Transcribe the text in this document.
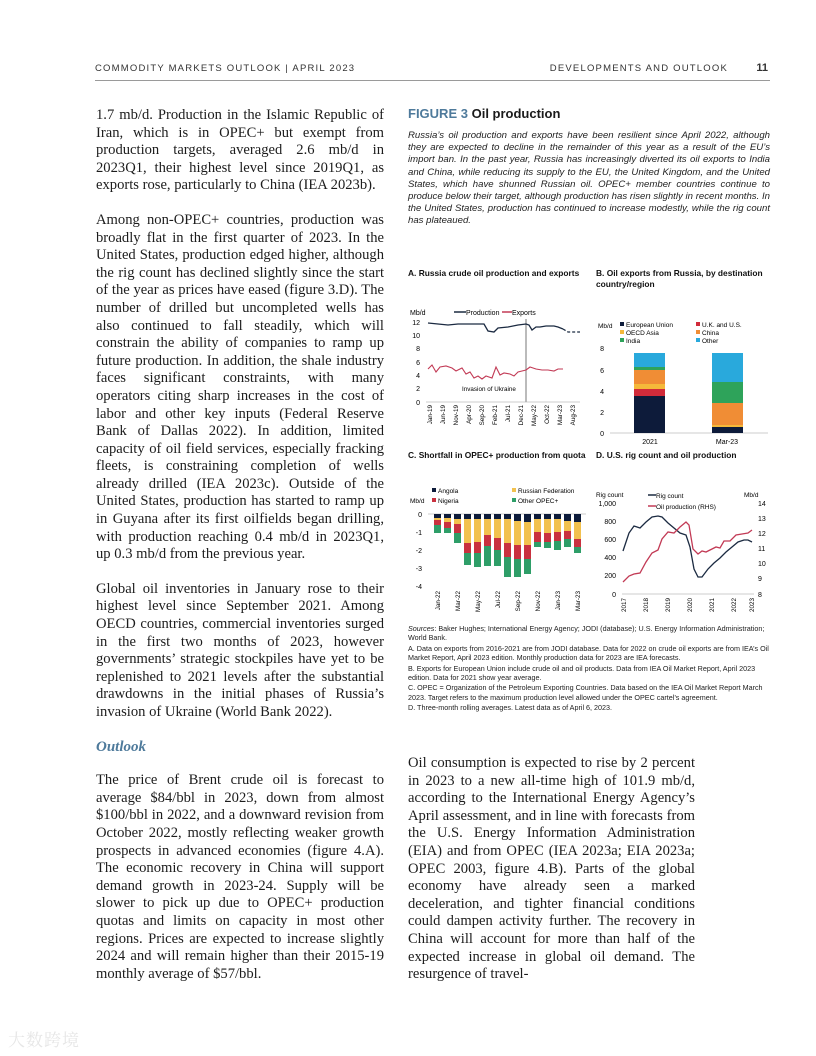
COMMODITY MARKETS OUTLOOK | APRIL 2023	DEVELOPMENTS AND OUTLOOK	11

1.7 mb/d. Production in the Islamic Republic of Iran, which is in OPEC+ but exempt from production targets, averaged 2.6 mb/d in 2023Q1, their highest level since 2019Q1, as exports rose, particularly to China (IEA 2023b).

Among non-OPEC+ countries, production was broadly flat in the first quarter of 2023. In the United States, production edged higher, although the rig count has declined slightly since the start of the year as prices have eased (figure 3.D). The number of drilled but uncompleted wells has also continued to fall steadily, which will constrain the ability of companies to ramp up future production. In addition, the shale industry faces significant constraints, with many operators citing sharp increases in the cost of labor and other key inputs (Federal Reserve Bank of Dallas 2022). In addition, limited capacity of oil field services, especially fracking fleets, is constraining completion of wells already drilled (IEA 2023c). Outside of the United States, production has started to ramp up in Guyana after its first oilfields began drilling, with production reaching 0.4 mb/d in 2023Q1, up 0.3 mb/d from the previous year.

Global oil inventories in January rose to their highest level since September 2021. Among OECD countries, commercial inventories surged in the first two months of 2023, however governments’ strategic stockpiles have yet to be replenished to 2021 levels after the substantial drawdowns in the initial phases of Russia’s invasion of Ukraine (World Bank 2022).

Outlook

The price of Brent crude oil is forecast to average $84/bbl in 2023, down from almost $100/bbl in 2022, and a downward revision from October 2022, mostly reflecting weaker growth prospects in advanced economies (figure 4.A). The economic recovery in China will support demand growth in 2023-24. Supply will be slower to pick up due to OPEC+ production quotas and limits on capacity in most other regions. Prices are expected to increase slightly 2024 and will remain higher than their 2015-19 monthly average of $57/bbl.

FIGURE 3 Oil production

Russia’s oil production and exports have been resilient since April 2022, although they are expected to decline in the remainder of this year as a result of the EU’s import ban. In the past year, Russia has increasingly diverted its oil exports to India and China, while reducing its supply to the EU, the United Kingdom, and the United States, which have shunned Russian oil. OPEC+ member countries continue to produce below their target, although production has risen slightly in recent months. In the United States, production has continued to increase modestly, while the rig count has plateaued.

A. Russia crude oil production and exports
Mb/d	Production Exports
12
10
8
6
4
2
0
Invasion of Ukraine
Jan-19 Jun-19 Nov-19 Apr-20 Sep-20 Feb-21 Jul-21 Dec-21 May-22 Oct-22 Mar-23 Aug-23
B. Oil exports from Russia, by destination country/region
Mb/d European Union	U.K. and U.S.
OECD Asia	China
India	Other
8
6
4
2
0
2021	Mar-23
C. Shortfall in OPEC+ production from quota
Mb/d
Angola	Russian Federation
Nigeria	Other OPEC+
0
-1
-2
-3
-4
Jan-22 Mar-22 May-22 Jul-22 Sep-22 Nov-22 Jan-23 Mar-23
D. U.S. rig count and oil production
Rig count	Mb/d
Rig count
Oil production (RHS)
1,000
800
600
400
200
0
14
13
12
11
10
9
8
2017 2018 2019 2020 2021 2022 2023

Sources: Baker Hughes; International Energy Agency; JODI (database); U.S. Energy Information Administration; World Bank.

A. Data on exports from 2016-2021 are from JODI database. Data for 2022 on crude oil exports are from IEA’s Oil Market Report, April 2023 edition. Monthly production data for 2023 are IEA forecasts.

B. Exports for European Union include crude oil and oil products. Data from IEA Oil Market Report, April 2023 edition. Data for 2021 show year average.

C. OPEC = Organization of the Petroleum Exporting Countries. Data based on the IEA Oil Market Report March 2023. Target refers to the maximum production level allowed under the OPEC cartel’s agreement.

D. Three-month rolling averages. Latest data as of April 6, 2023.

Oil consumption is expected to rise by 2 percent in 2023 to a new all-time high of 101.9 mb/d, according to the International Energy Agency’s April assessment, and in line with forecasts from the U.S. Energy Information Administration (EIA) and from OPEC (IEA 2023a; EIA 2023a; OPEC 2003, figure 4.B). Parts of the global economy have already seen a marked deceleration, and tighter financial conditions could dampen activity further. The recovery in China will account for more than half of the expected increase in global oil demand. The resurgence of travel-

大数跨境
